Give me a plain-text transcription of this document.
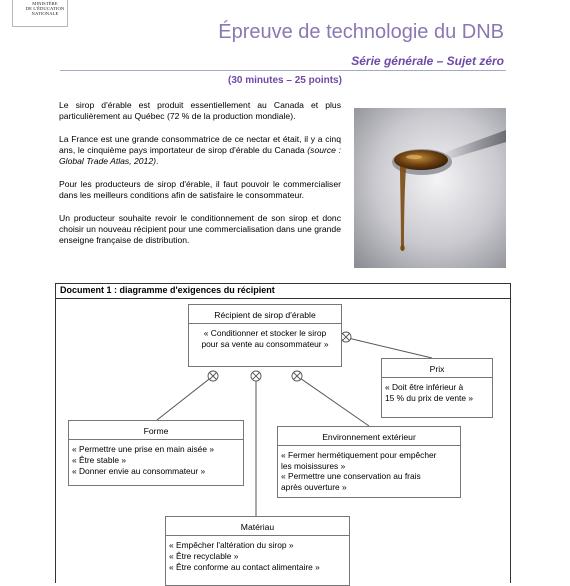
MINISTÈRE
DE L'ÉDUCATION
NATIONALE
Épreuve de technologie du DNB
Série générale – Sujet zéro
(30 minutes – 25 points)

Le sirop d'érable est produit essentiellement au Canada et plus particulièrement au Québec (72 % de la production mondiale).

La France est une grande consommatrice de ce nectar et était, il y a cinq ans, le cinquième pays importateur de sirop d'érable du Canada (source : Global Trade Atlas, 2012).

Pour les producteurs de sirop d'érable, il faut pouvoir le commercialiser dans les meilleurs conditions afin de satisfaire le consommateur.

Un producteur souhaite revoir le conditionnement de son sirop et donc choisir un nouveau récipient pour une commercialisation dans une grande enseigne française de distribution.

Document 1 : diagramme d'exigences du récipient
Récipient de sirop d'érable
« Conditionner et stocker le sirop
pour sa vente au consommateur »
Prix
« Doit être inférieur à
15 % du prix de vente »
Forme
« Permettre une prise en main aisée »
« Être stable »
« Donner envie au consommateur »
Environnement extérieur
« Fermer hermétiquement pour empêcher
les moisissures »
« Permettre une conservation au frais
après ouverture »
Matériau
« Empêcher l'altération du sirop »
« Être recyclable »
« Être conforme au contact alimentaire »
